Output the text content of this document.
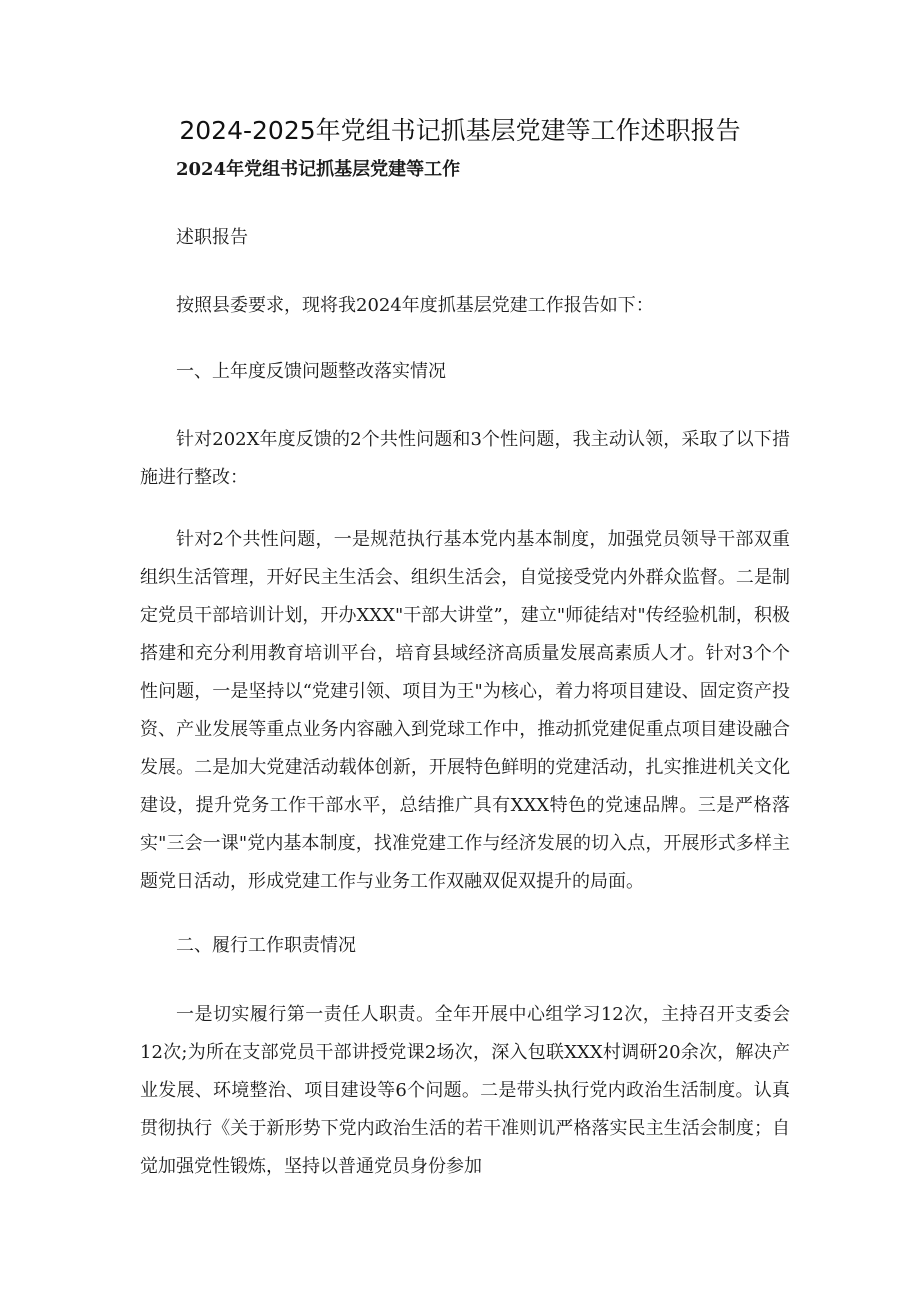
2024-2025年党组书记抓基层党建等工作述职报告
2024年党组书记抓基层党建等工作
述职报告
按照县委要求，现将我2024年度抓基层党建工作报告如下：
一、上年度反馈问题整改落实情况
针对202X年度反馈的2个共性问题和3个性问题，我主动认领，采取了以下措施进行整改：
针对2个共性问题，一是规范执行基本党内基本制度，加强党员领导干部双重组织生活管理，开好民主生活会、组织生活会，自觉接受党内外群众监督。二是制定党员干部培训计划，开办XXX"干部大讲堂”，建立"师徒结对"传经验机制，积极搭建和充分利用教育培训平台，培育县域经济高质量发展高素质人才。针对3个个性问题，一是坚持以“党建引领、项目为王"为核心，着力将项目建设、固定资产投资、产业发展等重点业务内容融入到党球工作中，推动抓党建促重点项目建设融合发展。二是加大党建活动载体创新，开展特色鲜明的党建活动，扎实推进机关文化建设，提升党务工作干部水平，总结推广具有XXX特色的党速品牌。三是严格落实"三会一课"党内基本制度，找准党建工作与经济发展的切入点，开展形式多样主题党日活动，形成党建工作与业务工作双融双促双提升的局面。
二、履行工作职责情况
一是切实履行第一责任人职责。全年开展中心组学习12次，主持召开支委会12次;为所在支部党员干部讲授党课2场次，深入包联XXX村调研20余次，解决产业发展、环境整治、项目建设等6个问题。二是带头执行党内政治生活制度。认真贯彻执行《关于新形势下党内政治生活的若干准则讥严格落实民主生活会制度；自觉加强党性锻炼，坚持以普通党员身份参加
